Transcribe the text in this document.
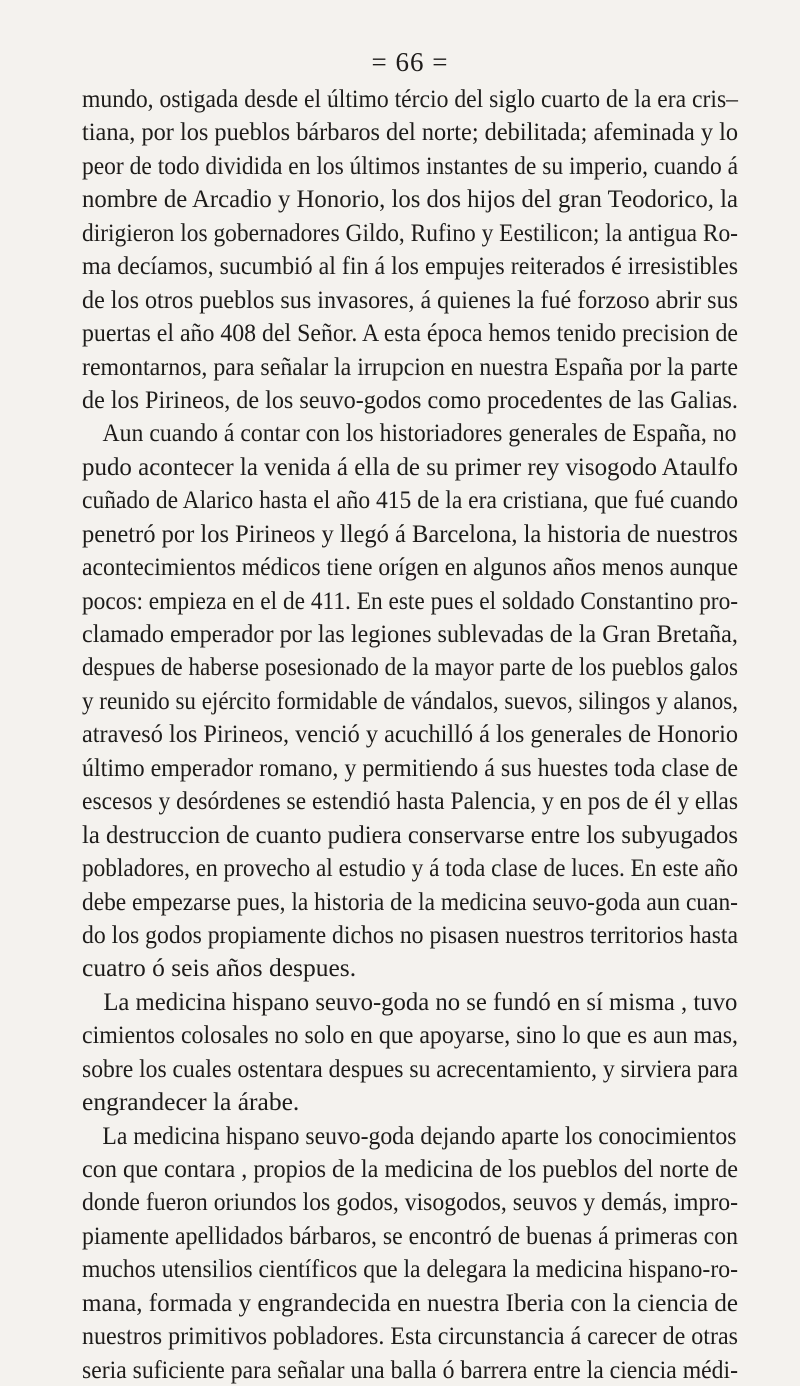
= 66 =
mundo, ostigada desde el último tércio del siglo cuarto de la era cris–
tiana, por los pueblos bárbaros del norte; debilitada; afeminada y lo
peor de todo dividida en los últimos instantes de su imperio, cuando á
nombre de Arcadio y Honorio, los dos hijos del gran Teodorico, la
dirigieron los gobernadores Gildo, Rufino y Eestilicon; la antigua Ro-
ma decíamos, sucumbió al fin á los empujes reiterados é irresistibles
de los otros pueblos sus invasores, á quienes la fué forzoso abrir sus
puertas el año 408 del Señor. A esta época hemos tenido precision de
remontarnos, para señalar la irrupcion en nuestra España por la parte
de los Pirineos, de los seuvo-godos como procedentes de las Galias.
Aun cuando á contar con los historiadores generales de España, no
pudo acontecer la venida á ella de su primer rey visogodo Ataulfo
cuñado de Alarico hasta el año 415 de la era cristiana, que fué cuando
penetró por los Pirineos y llegó á Barcelona, la historia de nuestros
acontecimientos médicos tiene orígen en algunos años menos aunque
pocos: empieza en el de 411. En este pues el soldado Constantino pro-
clamado emperador por las legiones sublevadas de la Gran Bretaña,
despues de haberse posesionado de la mayor parte de los pueblos galos
y reunido su ejército formidable de vándalos, suevos, silingos y alanos,
atravesó los Pirineos, venció y acuchilló á los generales de Honorio
último emperador romano, y permitiendo á sus huestes toda clase de
escesos y desórdenes se estendió hasta Palencia, y en pos de él y ellas
la destruccion de cuanto pudiera conservarse entre los subyugados
pobladores, en provecho al estudio y á toda clase de luces. En este año
debe empezarse pues, la historia de la medicina seuvo-goda aun cuan-
do los godos propiamente dichos no pisasen nuestros territorios hasta
cuatro ó seis años despues.
La medicina hispano seuvo-goda no se fundó en sí misma , tuvo
cimientos colosales no solo en que apoyarse, sino lo que es aun mas,
sobre los cuales ostentara despues su acrecentamiento, y sirviera para
engrandecer la árabe.
La medicina hispano seuvo-goda dejando aparte los conocimientos
con que contara , propios de la medicina de los pueblos del norte de
donde fueron oriundos los godos, visogodos, seuvos y demás, impro-
piamente apellidados bárbaros, se encontró de buenas á primeras con
muchos utensilios científicos que la delegara la medicina hispano-ro-
mana, formada y engrandecida en nuestra Iberia con la ciencia de
nuestros primitivos pobladores. Esta circunstancia á carecer de otras
seria suficiente para señalar una balla ó barrera entre la ciencia médi-
